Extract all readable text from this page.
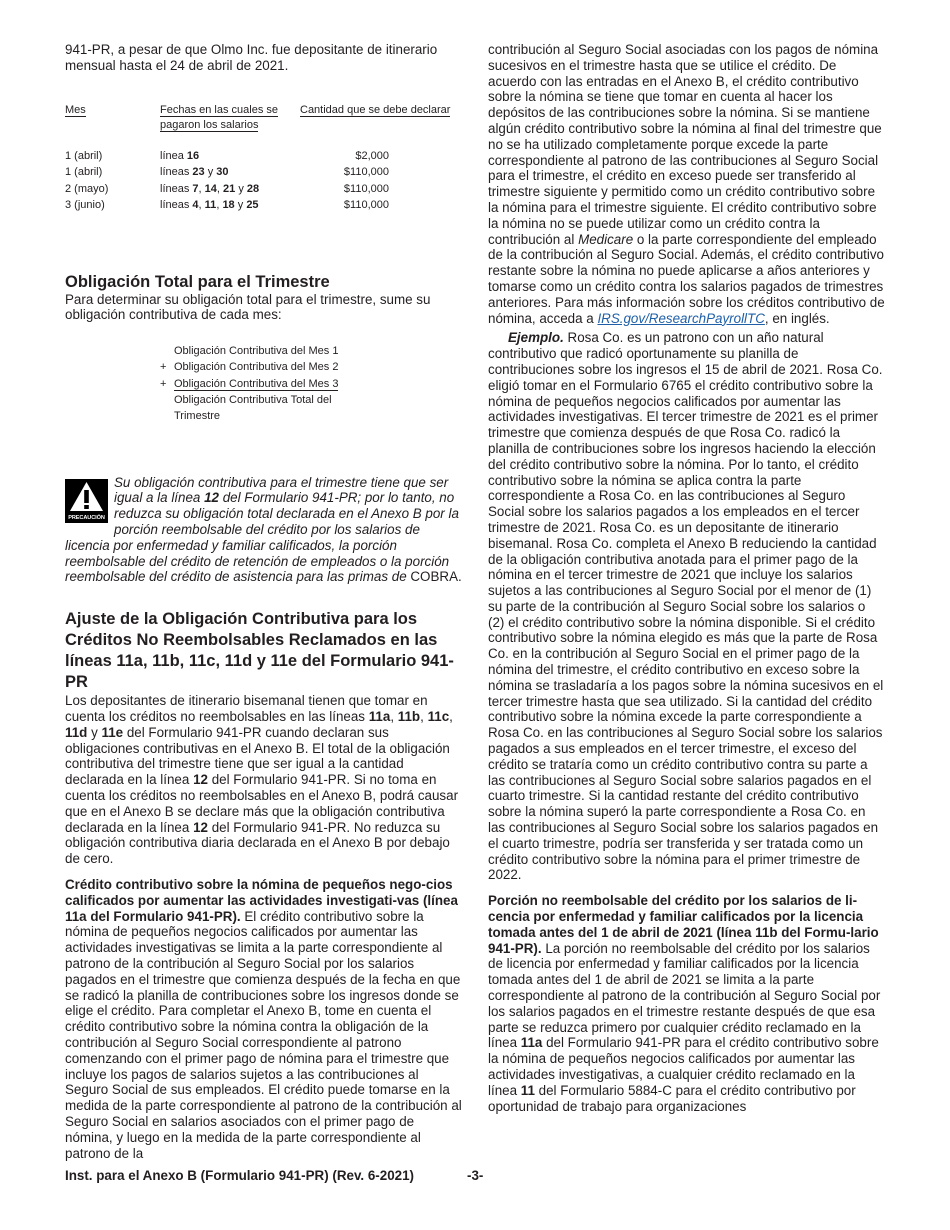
941-PR, a pesar de que Olmo Inc. fue depositante de itinerario mensual hasta el 24 de abril de 2021.

Mes	Fechas en las cuales se pagaron los salarios	Cantidad que se debe declarar

1 (abril)	línea 16	$2,000
1 (abril)	líneas 23 y 30	$110,000
2 (mayo)	líneas 7, 14, 21 y 28	$110,000
3 (junio)	líneas 4, 11, 18 y 25	$110,000
Obligación Total para el Trimestre

Para determinar su obligación total para el trimestre, sume su obligación contributiva de cada mes:

Obligación Contributiva del Mes 1
+ Obligación Contributiva del Mes 2
+ Obligación Contributiva del Mes 3
Obligación Contributiva Total del Trimestre
PRECAUCIÓN
Su obligación contributiva para el trimestre tiene que ser igual a la línea 12 del Formulario 941-PR; por lo tanto, no reduzca su obligación total declarada en el Anexo B por la porción reembolsable del crédito por los salarios de licencia por enfermedad y familiar calificados, la porción reembolsable del crédito de retención de empleados o la porción reembolsable del crédito de asistencia para las primas de COBRA.
Ajuste de la Obligación Contributiva para los Créditos No Reembolsables Reclamados en las líneas 11a, 11b, 11c, 11d y 11e del Formulario 941-PR

Los depositantes de itinerario bisemanal tienen que tomar en cuenta los créditos no reembolsables en las líneas 11a, 11b, 11c, 11d y 11e del Formulario 941-PR cuando declaran sus obligaciones contributivas en el Anexo B. El total de la obligación contributiva del trimestre tiene que ser igual a la cantidad declarada en la línea 12 del Formulario 941-PR. Si no toma en cuenta los créditos no reembolsables en el Anexo B, podrá causar que en el Anexo B se declare más que la obligación contributiva declarada en la línea 12 del Formulario 941-PR. No reduzca su obligación contributiva diaria declarada en el Anexo B por debajo de cero.

Crédito contributivo sobre la nómina de pequeños nego-cios calificados por aumentar las actividades investigati-vas (línea 11a del Formulario 941-PR). El crédito contributivo sobre la nómina de pequeños negocios calificados por aumentar las actividades investigativas se limita a la parte correspondiente al patrono de la contribución al Seguro Social por los salarios pagados en el trimestre que comienza después de la fecha en que se radicó la planilla de contribuciones sobre los ingresos donde se elige el crédito. Para completar el Anexo B, tome en cuenta el crédito contributivo sobre la nómina contra la obligación de la contribución al Seguro Social correspondiente al patrono comenzando con el primer pago de nómina para el trimestre que incluye los pagos de salarios sujetos a las contribuciones al Seguro Social de sus empleados. El crédito puede tomarse en la medida de la parte correspondiente al patrono de la contribución al Seguro Social en salarios asociados con el primer pago de nómina, y luego en la medida de la parte correspondiente al patrono de la

contribución al Seguro Social asociadas con los pagos de nómina sucesivos en el trimestre hasta que se utilice el crédito. De acuerdo con las entradas en el Anexo B, el crédito contributivo sobre la nómina se tiene que tomar en cuenta al hacer los depósitos de las contribuciones sobre la nómina. Si se mantiene algún crédito contributivo sobre la nómina al final del trimestre que no se ha utilizado completamente porque excede la parte correspondiente al patrono de las contribuciones al Seguro Social para el trimestre, el crédito en exceso puede ser transferido al trimestre siguiente y permitido como un crédito contributivo sobre la nómina para el trimestre siguiente. El crédito contributivo sobre la nómina no se puede utilizar como un crédito contra la contribución al Medicare o la parte correspondiente del empleado de la contribución al Seguro Social. Además, el crédito contributivo restante sobre la nómina no puede aplicarse a años anteriores y tomarse como un crédito contra los salarios pagados de trimestres anteriores. Para más información sobre los créditos contributivo de nómina, acceda a IRS.gov/ResearchPayrollTC, en inglés.

Ejemplo. Rosa Co. es un patrono con un año natural contributivo que radicó oportunamente su planilla de contribuciones sobre los ingresos el 15 de abril de 2021. Rosa Co. eligió tomar en el Formulario 6765 el crédito contributivo sobre la nómina de pequeños negocios calificados por aumentar las actividades investigativas. El tercer trimestre de 2021 es el primer trimestre que comienza después de que Rosa Co. radicó la planilla de contribuciones sobre los ingresos haciendo la elección del crédito contributivo sobre la nómina. Por lo tanto, el crédito contributivo sobre la nómina se aplica contra la parte correspondiente a Rosa Co. en las contribuciones al Seguro Social sobre los salarios pagados a los empleados en el tercer trimestre de 2021. Rosa Co. es un depositante de itinerario bisemanal. Rosa Co. completa el Anexo B reduciendo la cantidad de la obligación contributiva anotada para el primer pago de la nómina en el tercer trimestre de 2021 que incluye los salarios sujetos a las contribuciones al Seguro Social por el menor de (1) su parte de la contribución al Seguro Social sobre los salarios o (2) el crédito contributivo sobre la nómina disponible. Si el crédito contributivo sobre la nómina elegido es más que la parte de Rosa Co. en la contribución al Seguro Social en el primer pago de la nómina del trimestre, el crédito contributivo en exceso sobre la nómina se trasladaría a los pagos sobre la nómina sucesivos en el tercer trimestre hasta que sea utilizado. Si la cantidad del crédito contributivo sobre la nómina excede la parte correspondiente a Rosa Co. en las contribuciones al Seguro Social sobre los salarios pagados a sus empleados en el tercer trimestre, el exceso del crédito se trataría como un crédito contributivo contra su parte a las contribuciones al Seguro Social sobre salarios pagados en el cuarto trimestre. Si la cantidad restante del crédito contributivo sobre la nómina superó la parte correspondiente a Rosa Co. en las contribuciones al Seguro Social sobre los salarios pagados en el cuarto trimestre, podría ser transferida y ser tratada como un crédito contributivo sobre la nómina para el primer trimestre de 2022.

Porción no reembolsable del crédito por los salarios de li-cencia por enfermedad y familiar calificados por la licencia tomada antes del 1 de abril de 2021 (línea 11b del Formu-lario 941-PR). La porción no reembolsable del crédito por los salarios de licencia por enfermedad y familiar calificados por la licencia tomada antes del 1 de abril de 2021 se limita a la parte correspondiente al patrono de la contribución al Seguro Social por los salarios pagados en el trimestre restante después de que esa parte se reduzca primero por cualquier crédito reclamado en la línea 11a del Formulario 941-PR para el crédito contributivo sobre la nómina de pequeños negocios calificados por aumentar las actividades investigativas, a cualquier crédito reclamado en la línea 11 del Formulario 5884-C para el crédito contributivo por oportunidad de trabajo para organizaciones

Inst. para el Anexo B (Formulario 941-PR) (Rev. 6-2021)	-3-
